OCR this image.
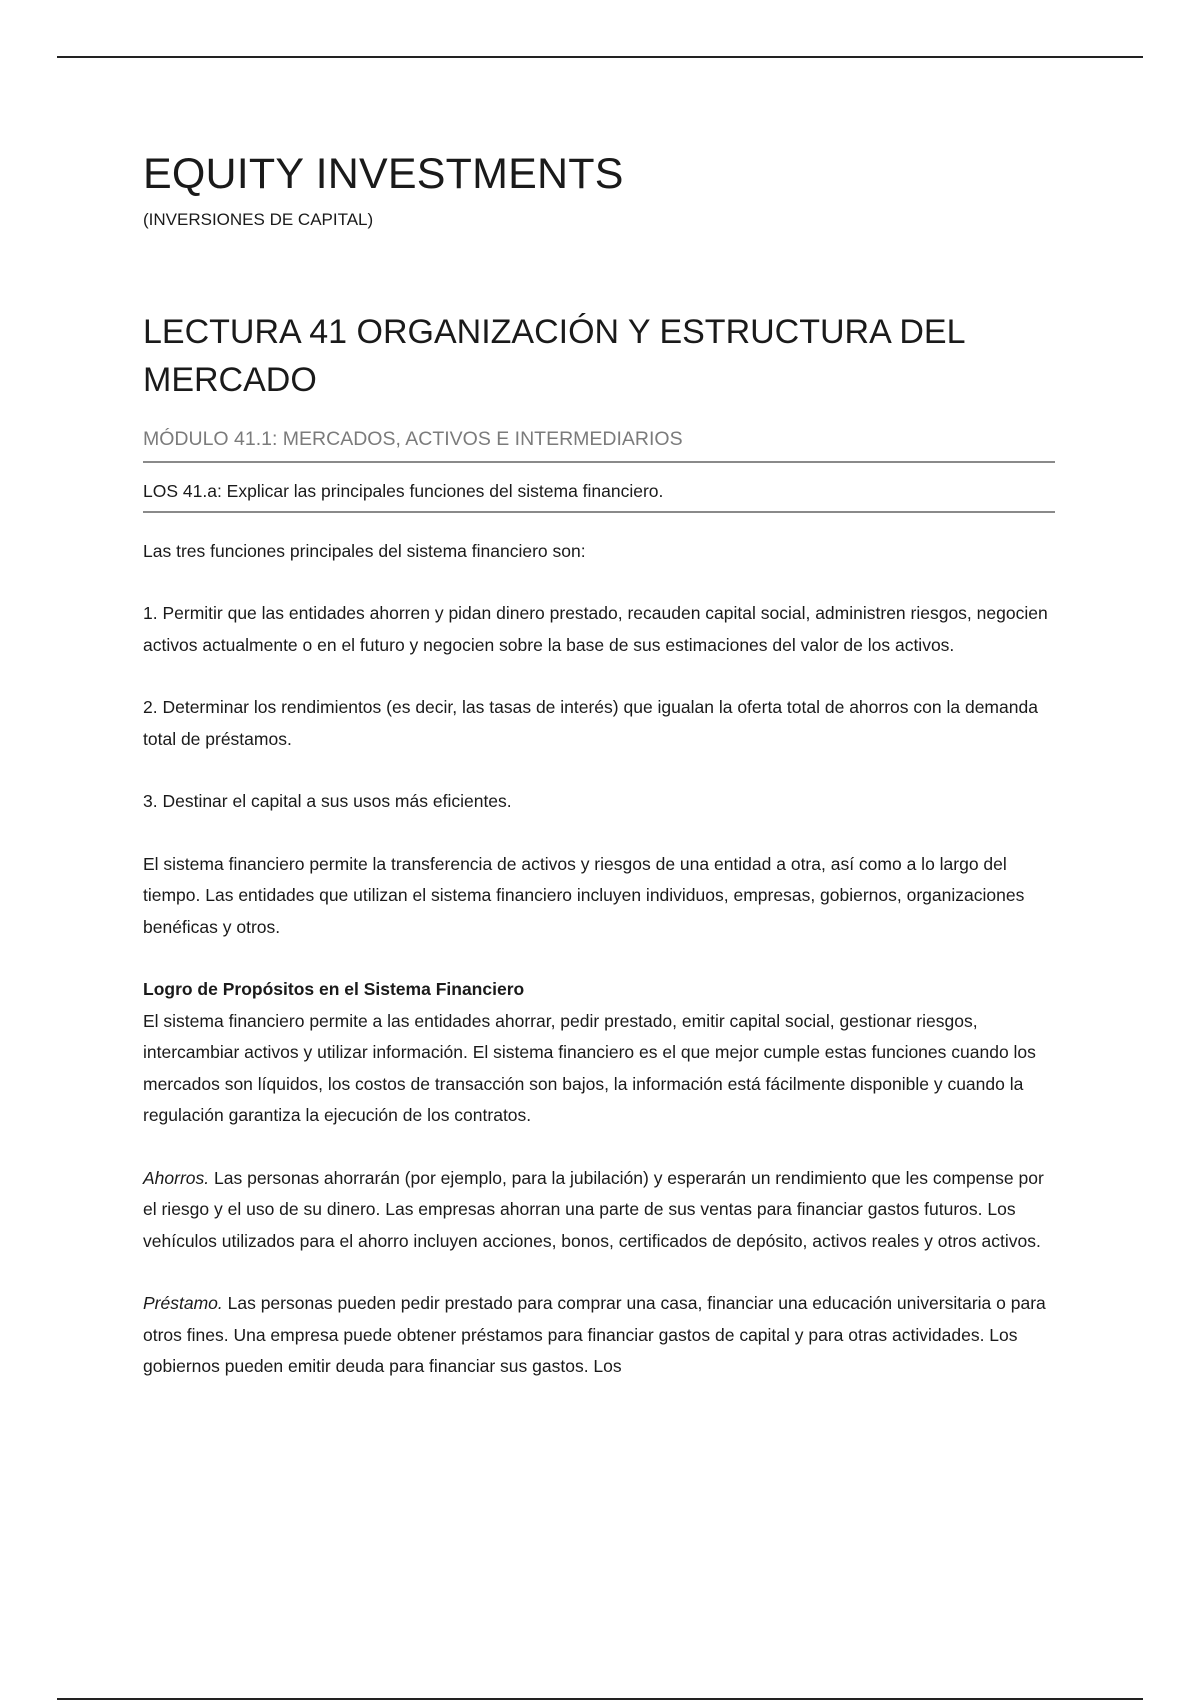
EQUITY INVESTMENTS

(INVERSIONES DE CAPITAL)

LECTURA 41 ORGANIZACIÓN Y ESTRUCTURA DEL MERCADO
MÓDULO 41.1: MERCADOS, ACTIVOS E INTERMEDIARIOS
LOS 41.a: Explicar las principales funciones del sistema financiero.

Las tres funciones principales del sistema financiero son:

1. Permitir que las entidades ahorren y pidan dinero prestado, recauden capital social, administren riesgos, negocien activos actualmente o en el futuro y negocien sobre la base de sus estimaciones del valor de los activos.

2. Determinar los rendimientos (es decir, las tasas de interés) que igualan la oferta total de ahorros con la demanda total de préstamos.

3. Destinar el capital a sus usos más eficientes.

El sistema financiero permite la transferencia de activos y riesgos de una entidad a otra, así como a lo largo del tiempo. Las entidades que utilizan el sistema financiero incluyen individuos, empresas, gobiernos, organizaciones benéficas y otros.

Logro de Propósitos en el Sistema Financiero

El sistema financiero permite a las entidades ahorrar, pedir prestado, emitir capital social, gestionar riesgos, intercambiar activos y utilizar información. El sistema financiero es el que mejor cumple estas funciones cuando los mercados son líquidos, los costos de transacción son bajos, la información está fácilmente disponible y cuando la regulación garantiza la ejecución de los contratos.

Ahorros. Las personas ahorrarán (por ejemplo, para la jubilación) y esperarán un rendimiento que les compense por el riesgo y el uso de su dinero. Las empresas ahorran una parte de sus ventas para financiar gastos futuros. Los vehículos utilizados para el ahorro incluyen acciones, bonos, certificados de depósito, activos reales y otros activos.

Préstamo. Las personas pueden pedir prestado para comprar una casa, financiar una educación universitaria o para otros fines. Una empresa puede obtener préstamos para financiar gastos de capital y para otras actividades. Los gobiernos pueden emitir deuda para financiar sus gastos. Los
